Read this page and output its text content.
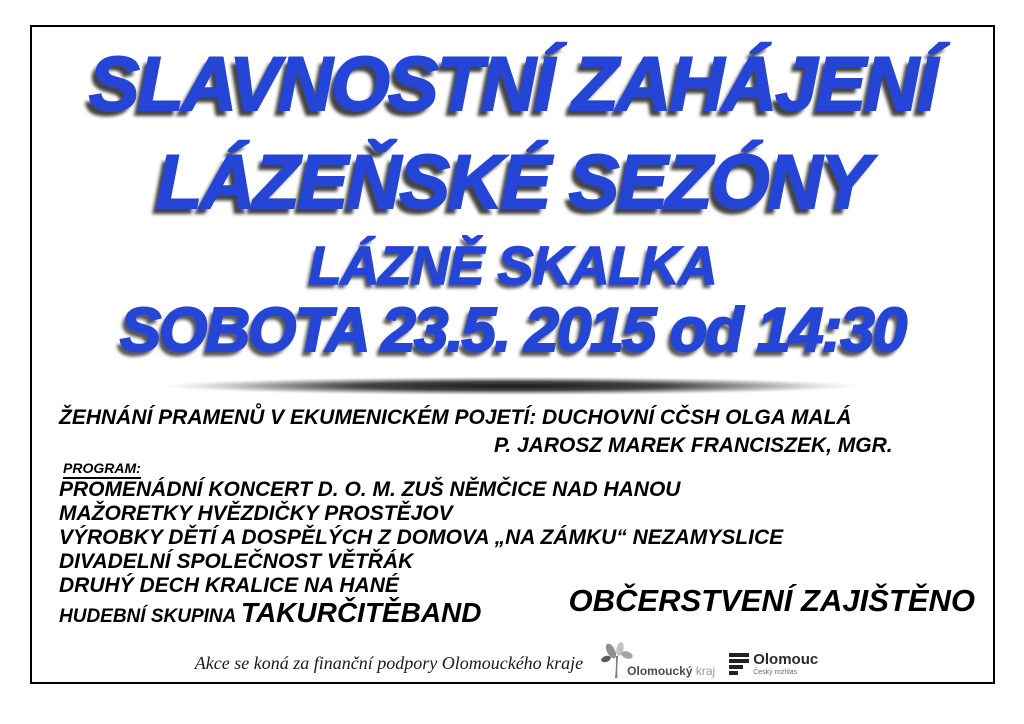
SLAVNOSTNÍ ZAHÁJENÍ
LÁZEŇSKÉ SEZÓNY
LÁZNĚ SKALKA
SOBOTA 23.5. 2015 od 14:30
ŽEHNÁNÍ PRAMENŮ V EKUMENICKÉM POJETÍ: DUCHOVNÍ CČSH OLGA MALÁ
P. JAROSZ MAREK FRANCISZEK, MGR.
PROGRAM:
PROMENÁDNÍ KONCERT D. O. M. ZUŠ NĚMČICE NAD HANOU
MAŽORETKY HVĚZDIČKY PROSTĚJOV
VÝROBKY DĚTÍ A DOSPĚLÝCH Z DOMOVA „NA ZÁMKU“ NEZAMYSLICE
DIVADELNÍ SPOLEČNOST VĚTŘÁK
DRUHÝ DECH KRALICE NA HANÉ
HUDEBNÍ SKUPINA TAKURČITĚBAND	OBČERSTVENÍ ZAJIŠTĚNO
Akce se koná za finanční podpory Olomouckého kraje	Olomoucký kraj
Olomouc
Český rozhlas
